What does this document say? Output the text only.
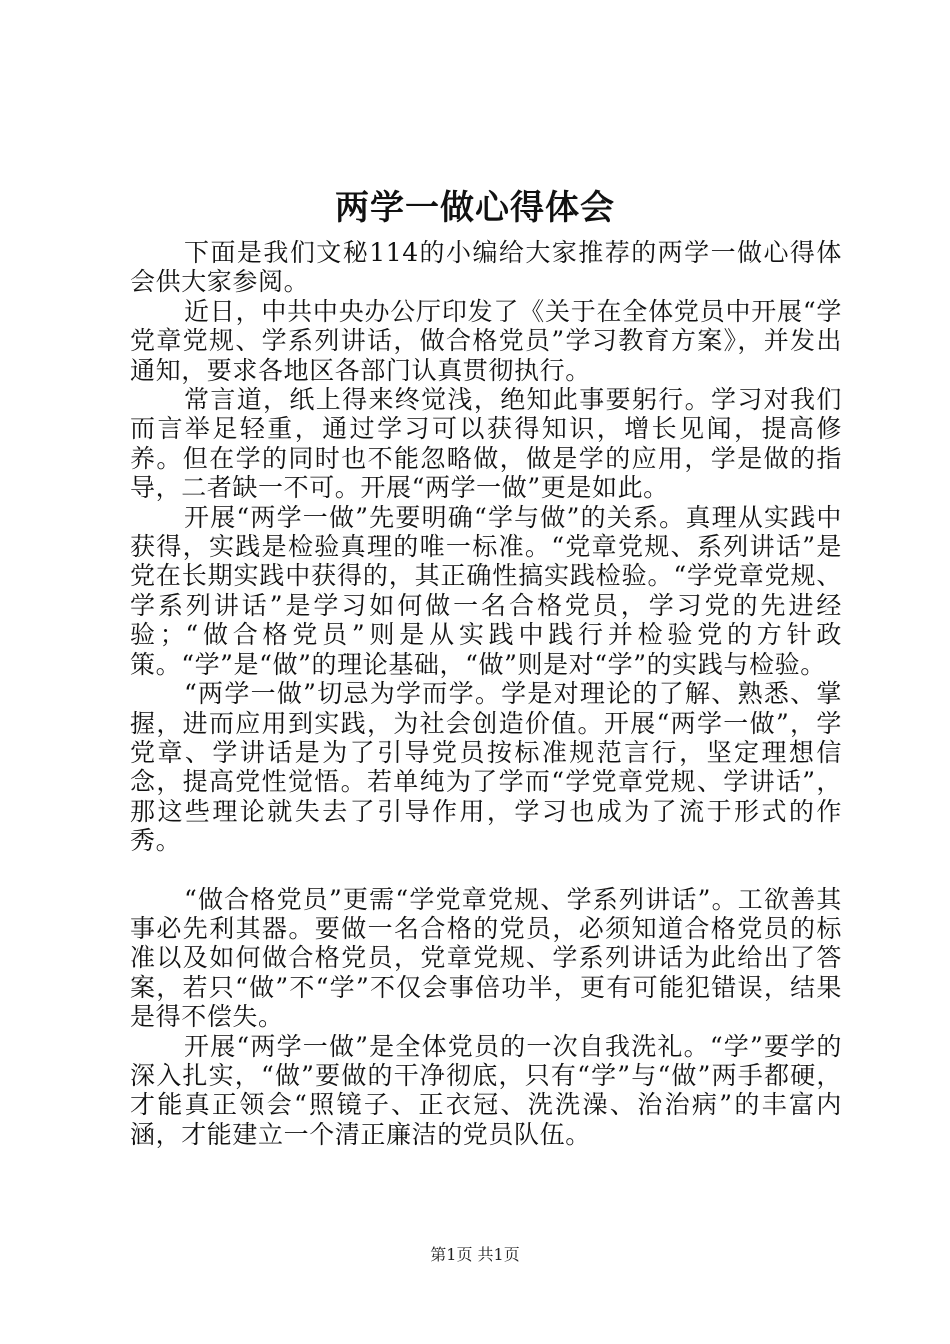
两学一做心得体会

下面是我们文秘114的小编给大家推荐的两学一做心得体会供大家参阅。

近日，中共中央办公厅印发了《关于在全体党员中开展“学党章党规、学系列讲话，做合格党员”学习教育方案》，并发出通知，要求各地区各部门认真贯彻执行。

常言道，纸上得来终觉浅，绝知此事要躬行。学习对我们而言举足轻重，通过学习可以获得知识，增长见闻，提高修养。但在学的同时也不能忽略做，做是学的应用，学是做的指导，二者缺一不可。开展“两学一做”更是如此。

开展“两学一做”先要明确“学与做”的关系。真理从实践中获得，实践是检验真理的唯一标准。“党章党规、系列讲话”是党在长期实践中获得的，其正确性搞实践检验。“学党章党规、学系列讲话”是学习如何做一名合格党员，学习党的先进经验；“做合格党员”则是从实践中践行并检验党的方针政策。“学”是“做”的理论基础，“做”则是对“学”的实践与检验。

“两学一做”切忌为学而学。学是对理论的了解、熟悉、掌握，进而应用到实践，为社会创造价值。开展“两学一做”，学党章、学讲话是为了引导党员按标准规范言行，坚定理想信念，提高党性觉悟。若单纯为了学而“学党章党规、学讲话”，那这些理论就失去了引导作用，学习也成为了流于形式的作秀。

“做合格党员”更需“学党章党规、学系列讲话”。工欲善其事必先利其器。要做一名合格的党员，必须知道合格党员的标准以及如何做合格党员，党章党规、学系列讲话为此给出了答案，若只“做”不“学”不仅会事倍功半，更有可能犯错误，结果是得不偿失。

开展“两学一做”是全体党员的一次自我洗礼。“学”要学的深入扎实，“做”要做的干净彻底，只有“学”与“做”两手都硬，才能真正领会“照镜子、正衣冠、洗洗澡、治治病”的丰富内涵，才能建立一个清正廉洁的党员队伍。

第1页 共1页
